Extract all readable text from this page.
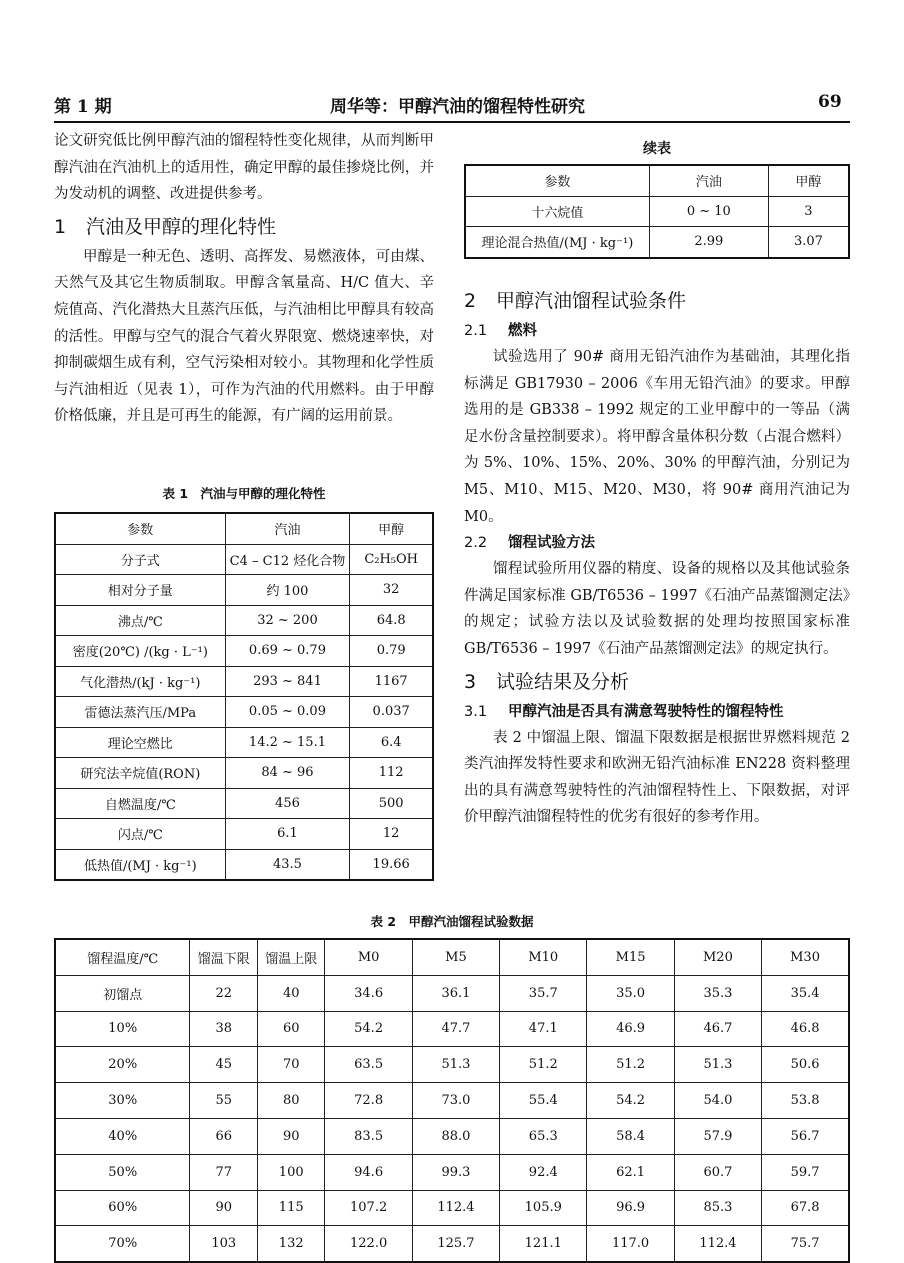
第 1 期	周华等：甲醇汽油的馏程特性研究	69

论文研究低比例甲醇汽油的馏程特性变化规律，从而判断甲醇汽油在汽油机上的适用性，确定甲醇的最佳掺烧比例，并为发动机的调整、改进提供参考。

1 汽油及甲醇的理化特性

甲醇是一种无色、透明、高挥发、易燃液体，可由煤、天然气及其它生物质制取。甲醇含氧量高、H/C 值大、辛烷值高、汽化潜热大且蒸汽压低，与汽油相比甲醇具有较高的活性。甲醇与空气的混合气着火界限宽、燃烧速率快，对抑制碳烟生成有利，空气污染相对较小。其物理和化学性质与汽油相近（见表 1），可作为汽油的代用燃料。由于甲醇价格低廉，并且是可再生的能源，有广阔的运用前景。

表 1　汽油与甲醇的理化特性
参数	汽油	甲醇
分子式	C4 – C12 烃化合物	C₂H₅OH
相对分子量	约 100	32
沸点/℃	32 ~ 200	64.8
密度(20℃) /(kg · L⁻¹)	0.69 ~ 0.79	0.79
气化潜热/(kJ · kg⁻¹)	293 ~ 841	1167
雷德法蒸汽压/MPa	0.05 ~ 0.09	0.037
理论空燃比	14.2 ~ 15.1	6.4
研究法辛烷值(RON)	84 ~ 96	112
自燃温度/℃	456	500
闪点/℃	6.1	12
低热值/(MJ · kg⁻¹)	43.5	19.66
续表
参数	汽油	甲醇
十六烷值	0 ~ 10	3
理论混合热值/(MJ · kg⁻¹)	2.99	3.07
2 甲醇汽油馏程试验条件
2.1 燃料

试验选用了 90# 商用无铅汽油作为基础油，其理化指标满足 GB17930 – 2006《车用无铅汽油》的要求。甲醇选用的是 GB338 – 1992 规定的工业甲醇中的一等品（满足水份含量控制要求）。将甲醇含量体积分数（占混合燃料）为 5%、10%、15%、20%、30% 的甲醇汽油，分别记为 M5、M10、M15、M20、M30，将 90# 商用汽油记为 M0。

2.2 馏程试验方法

馏程试验所用仪器的精度、设备的规格以及其他试验条件满足国家标准 GB/T6536 – 1997《石油产品蒸馏测定法》的规定；试验方法以及试验数据的处理均按照国家标准 GB/T6536 – 1997《石油产品蒸馏测定法》的规定执行。

3 试验结果及分析
3.1 甲醇汽油是否具有满意驾驶特性的馏程特性

表 2 中馏温上限、馏温下限数据是根据世界燃料规范 2 类汽油挥发特性要求和欧洲无铅汽油标准 EN228 资料整理出的具有满意驾驶特性的汽油馏程特性上、下限数据，对评价甲醇汽油馏程特性的优劣有很好的参考作用。

表 2　甲醇汽油馏程试验数据
馏程温度/℃	馏温下限	馏温上限	M0	M5	M10	M15	M20	M30
初馏点	22	40	34.6	36.1	35.7	35.0	35.3	35.4
10%	38	60	54.2	47.7	47.1	46.9	46.7	46.8
20%	45	70	63.5	51.3	51.2	51.2	51.3	50.6
30%	55	80	72.8	73.0	55.4	54.2	54.0	53.8
40%	66	90	83.5	88.0	65.3	58.4	57.9	56.7
50%	77	100	94.6	99.3	92.4	62.1	60.7	59.7
60%	90	115	107.2	112.4	105.9	96.9	85.3	67.8
70%	103	132	122.0	125.7	121.1	117.0	112.4	75.7
